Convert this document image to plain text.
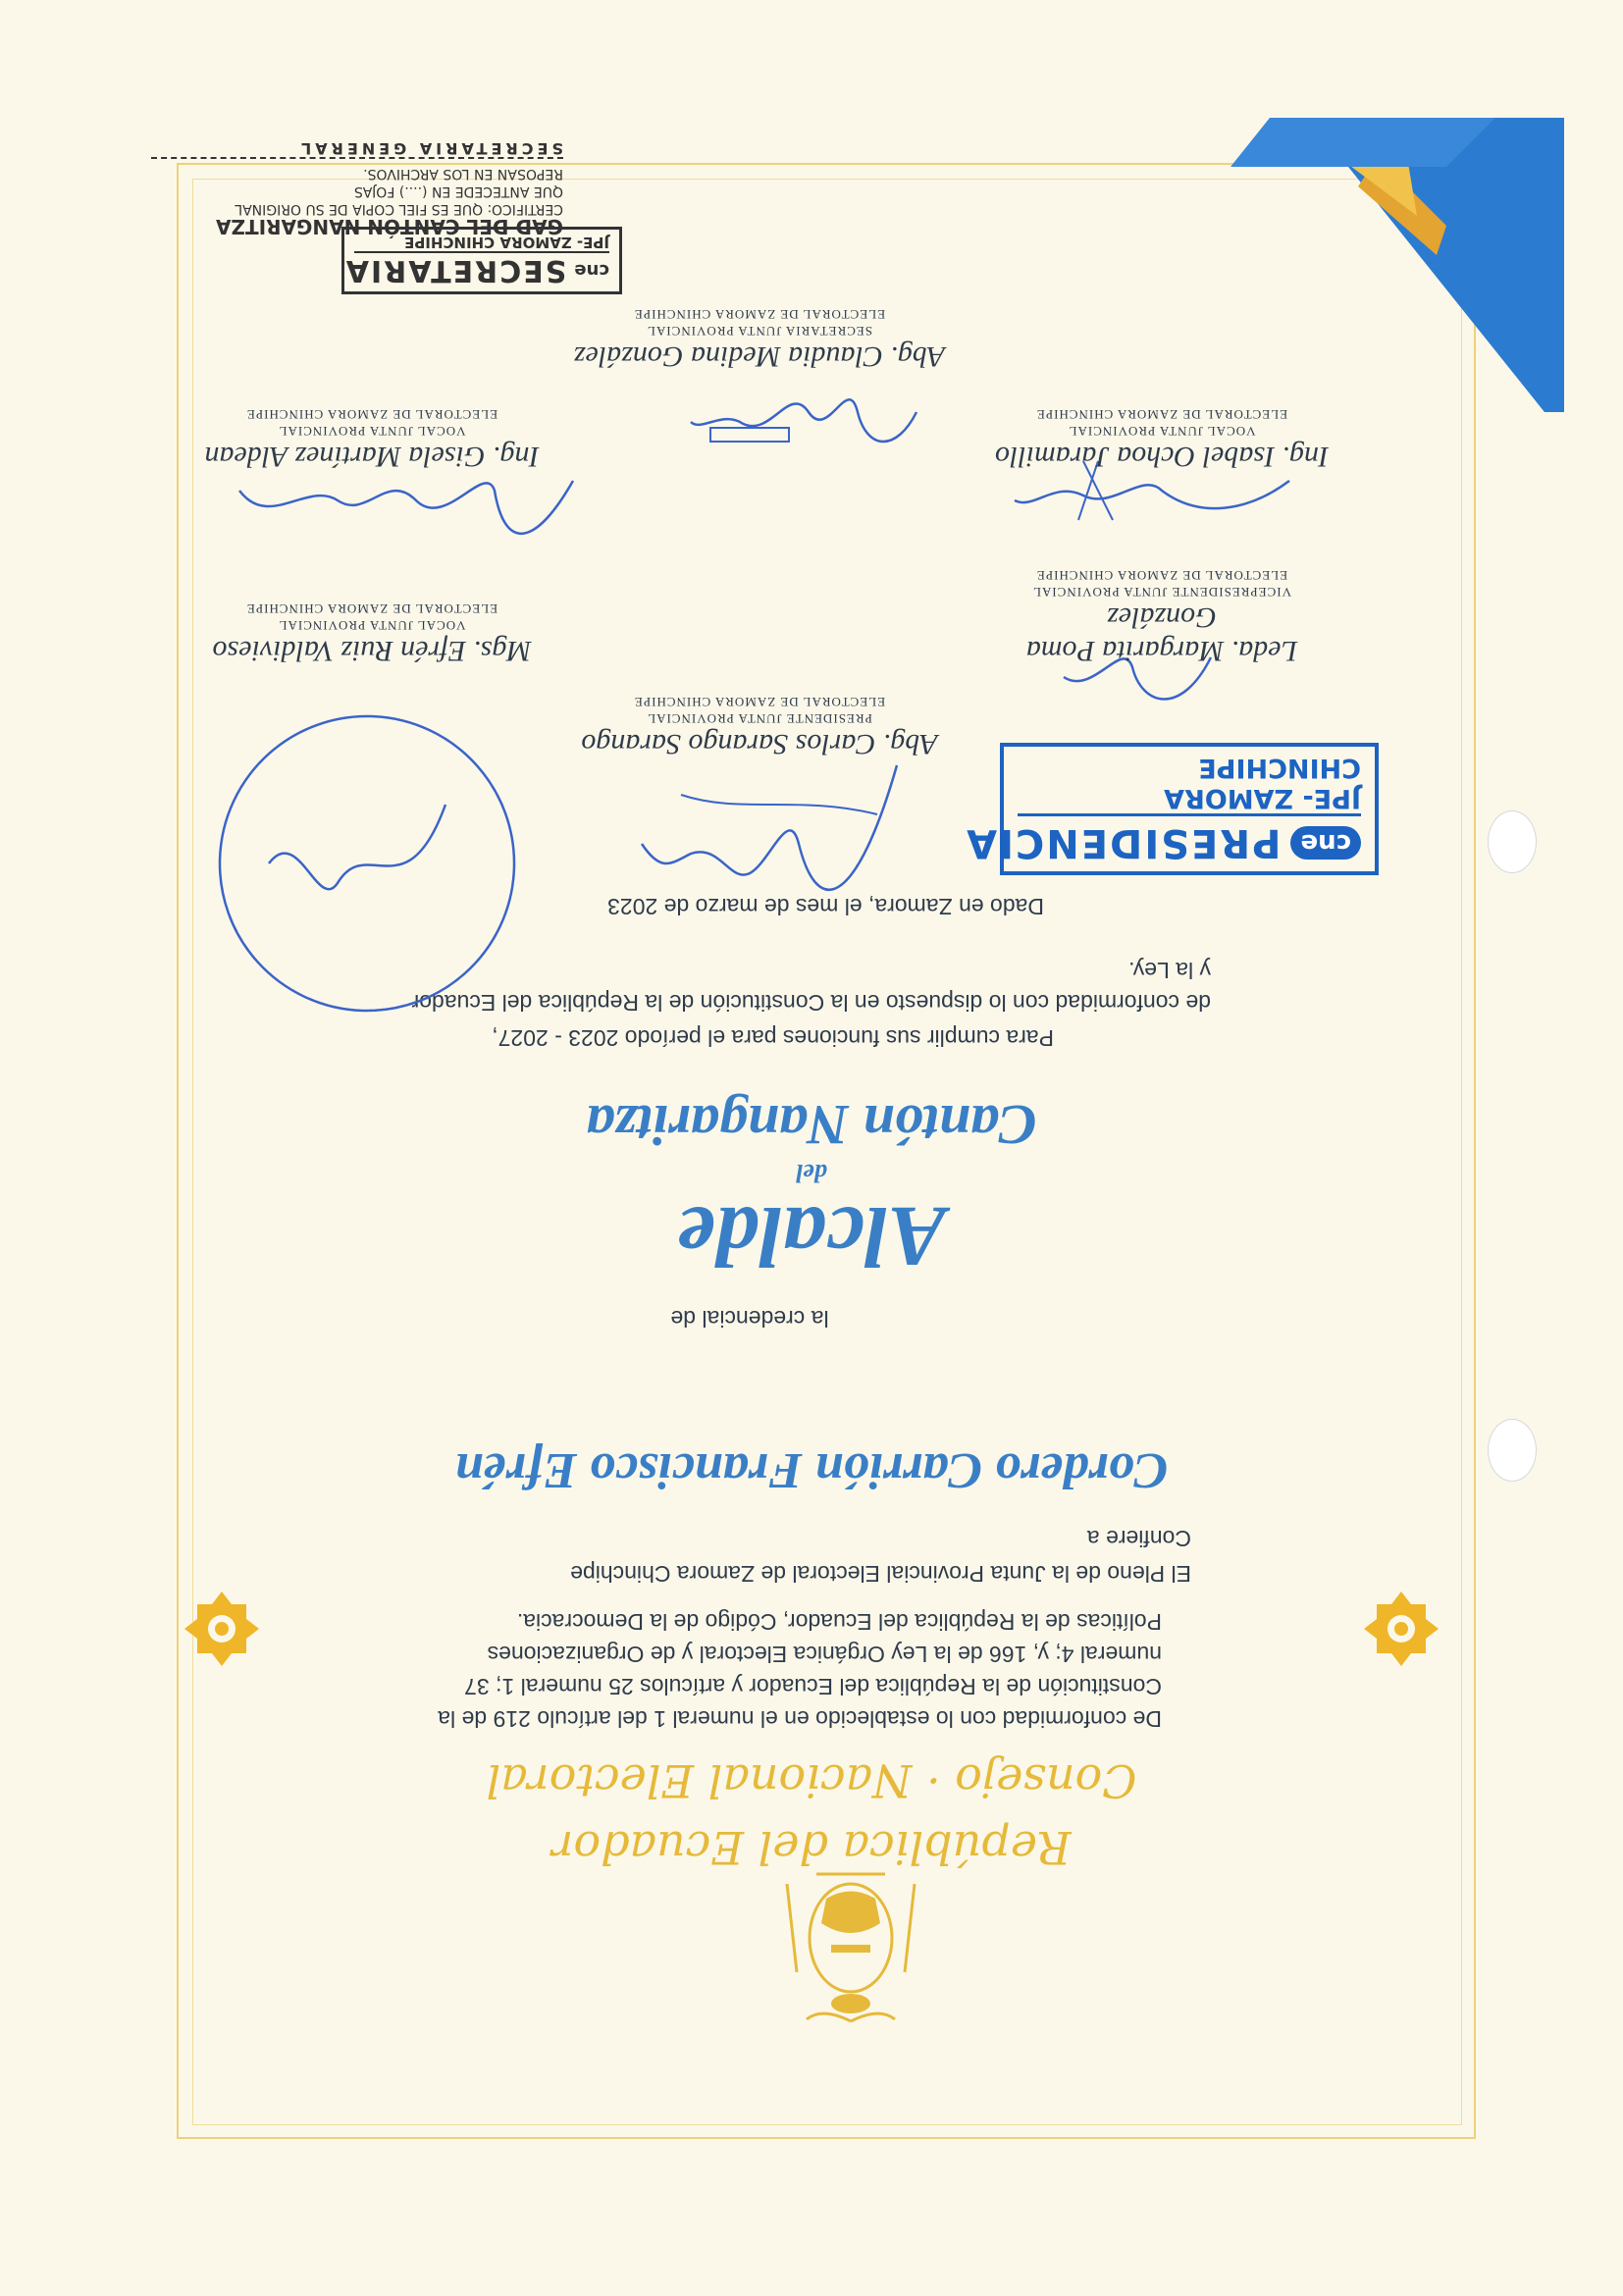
República del Ecuador
Consejo · Nacional Electoral
De conformidad con lo establecido en el numeral 1 del artículo 219 de la Constitución de la República del Ecuador y artículos 25 numeral 1; 37 numeral 4; y, 166 de la Ley Orgánica Electoral y de Organizaciones Políticas de la República del Ecuador, Código de la Democracia.
El Pleno de la Junta Provincial Electoral de Zamora Chinchipe
Confiere a
Cordero Carrión Francisco Efrén
la credencial de
Alcalde
del
Cantón Nangaritza
Para cumplir sus funciones para el período 2023 - 2027,
de conformidad con lo dispuesto en la Constitución de la República del Ecuador y la Ley.
Dado en Zamora, el mes de marzo de 2023
cne
PRESIDENCIA
JPE- ZAMORA CHINCHIPE
Abg. Carlos Sarango Sarango
PRESIDENTE JUNTA PROVINCIAL
ELECTORAL DE ZAMORA CHINCHIPE
Mgs. Efrén Ruiz Valdivieso
VOCAL JUNTA PROVINCIAL
ELECTORAL DE ZAMORA CHINCHIPE
Leda. Margarita Poma González
VICEPRESIDENTE JUNTA PROVINCIAL
ELECTORAL DE ZAMORA CHINCHIPE
Ing. Isabel Ochoa Jaramillo
VOCAL JUNTA PROVINCIAL
ELECTORAL DE ZAMORA CHINCHIPE
Ing. Gisela Martínez Aldean
VOCAL JUNTA PROVINCIAL
ELECTORAL DE ZAMORA CHINCHIPE
Abg. Claudia Medina González
SECRETARIA JUNTA PROVINCIAL
ELECTORAL DE ZAMORA CHINCHIPE
cne
SECRETARIA
JPE- ZAMORA CHINCHIPE
GAD DEL CANTÓN NANGARITZA
CERTIFICO: QUE ES FIEL COPIA DE SU ORIGINAL
QUE ANTECEDE EN (....) FOJAS
REPOSAN EN LOS ARCHIVOS.
SECRETARIA GENERAL
